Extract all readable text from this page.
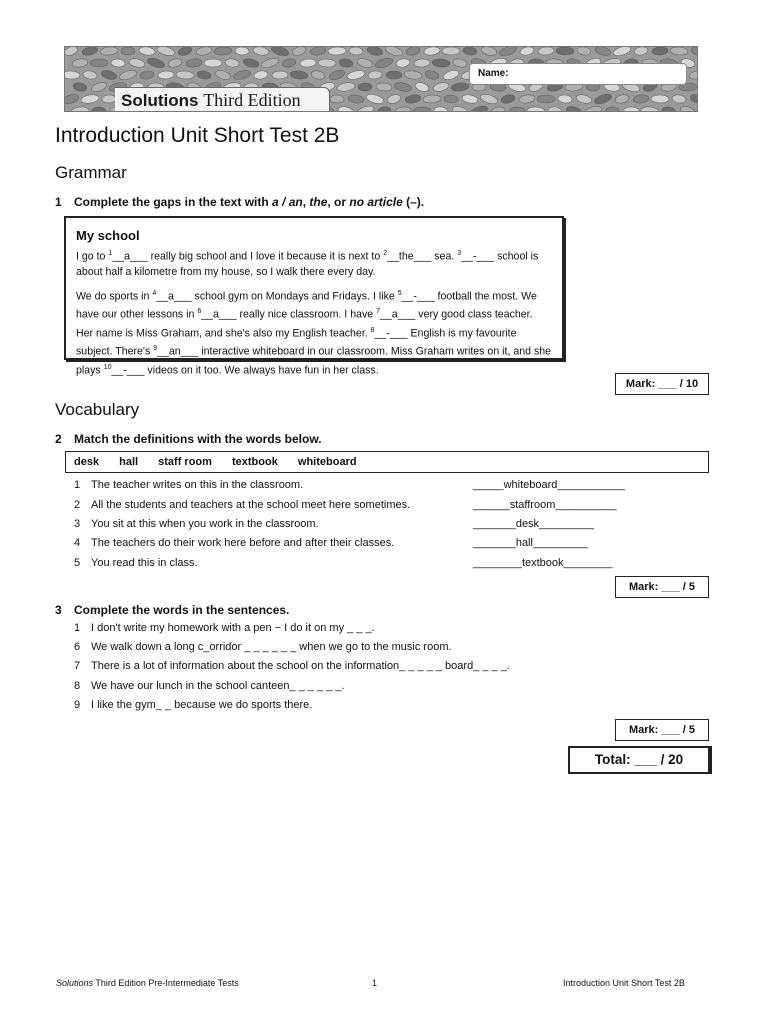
Name:
Solutions Third Edition
Introduction Unit Short Test 2B
Grammar
1 Complete the gaps in the text with a / an, the, or no article (–).
My school

I go to $^1$__a___ really big school and I love it because it is next to $^2$__the___ sea. $^3$__-___ school is about half a kilometre from my house, so I walk there every day.

We do sports in $^4$__a___ school gym on Mondays and Fridays. I like $^5$__-___ football the most. We have our other lessons in $^6$__a___ really nice classroom. I have $^7$__a___ very good class teacher. Her name is Miss Graham, and she's also my English teacher. $^8$__-___ English is my favourite subject. There's $^9$__an___ interactive whiteboard in our classroom. Miss Graham writes on it, and she plays $^{10}$__-___ videos on it too. We always have fun in her class.

Mark: ___ / 10
Vocabulary
2 Match the definitions with the words below.
desk hall staff room textbook whiteboard
1 The teacher writes on this in the classroom.	_____whiteboard___________
2 All the students and teachers at the school meet here sometimes.	______staffroom__________
3 You sit at this when you work in the classroom.	_______desk_________
4 The teachers do their work here before and after their classes.	_______hall_________
5 You read this in class.	________textbook________
Mark: ___ / 5
3 Complete the words in the sentences.
1 I don't write my homework with a pen − I do it on my _ _ _.
6 We walk down a long c_orridor _ _ _ _ _ _ when we go to the music room.
7 There is a lot of information about the school on the information_ _ _ _ _ board_ _ _ _.
8 We have our lunch in the school canteen_ _ _ _ _ _.
9 I like the gym_ _ because we do sports there.
Mark: ___ / 5
Total: ___ / 20
Solutions Third Edition Pre-Intermediate Tests	1	Introduction Unit Short Test 2B
